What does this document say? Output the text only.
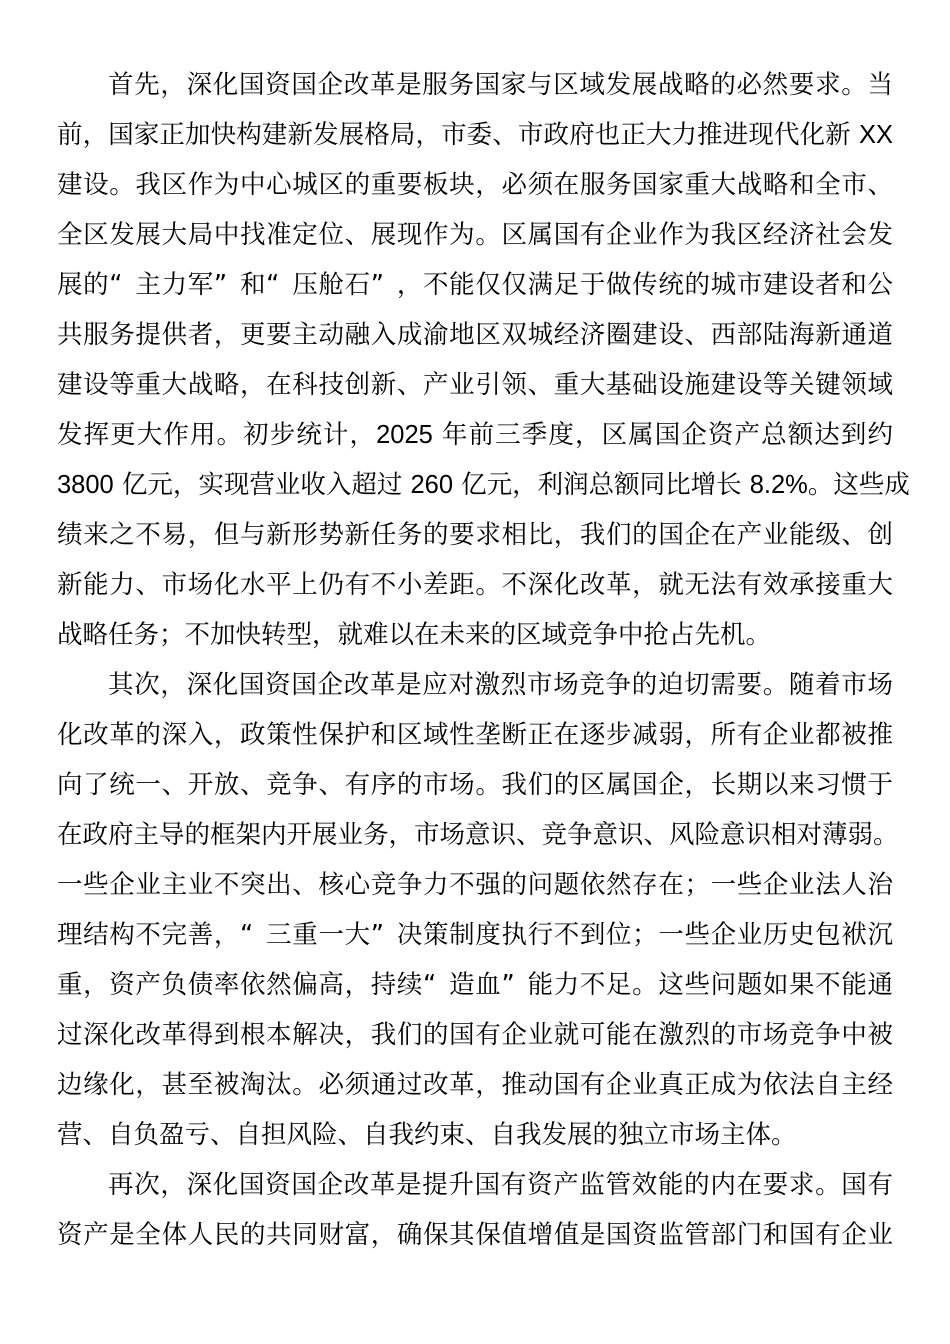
首先，深化国资国企改革是服务国家与区域发展战略的必然要求。当
前，国家正加快构建新发展格局，市委、市政府也正大力推进现代化新 XX
建设。我区作为中心城区的重要板块，必须在服务国家重大战略和全市、
全区发展大局中找准定位、展现作为。区属国有企业作为我区经济社会发
展的“ 主力军” 和“ 压舱石” ，不能仅仅满足于做传统的城市建设者和公
共服务提供者，更要主动融入成渝地区双城经济圈建设、西部陆海新通道
建设等重大战略，在科技创新、产业引领、重大基础设施建设等关键领域
发挥更大作用。初步统计，2025 年前三季度，区属国企资产总额达到约
3800 亿元，实现营业收入超过 260 亿元，利润总额同比增长 8.2%。这些成
绩来之不易，但与新形势新任务的要求相比，我们的国企在产业能级、创
新能力、市场化水平上仍有不小差距。不深化改革，就无法有效承接重大
战略任务；不加快转型，就难以在未来的区域竞争中抢占先机。
其次，深化国资国企改革是应对激烈市场竞争的迫切需要。随着市场
化改革的深入，政策性保护和区域性垄断正在逐步减弱，所有企业都被推
向了统一、开放、竞争、有序的市场。我们的区属国企，长期以来习惯于
在政府主导的框架内开展业务，市场意识、竞争意识、风险意识相对薄弱。
一些企业主业不突出、核心竞争力不强的问题依然存在；一些企业法人治
理结构不完善，“ 三重一大” 决策制度执行不到位；一些企业历史包袱沉
重，资产负债率依然偏高，持续“ 造血” 能力不足。这些问题如果不能通
过深化改革得到根本解决，我们的国有企业就可能在激烈的市场竞争中被
边缘化，甚至被淘汰。必须通过改革，推动国有企业真正成为依法自主经
营、自负盈亏、自担风险、自我约束、自我发展的独立市场主体。
再次，深化国资国企改革是提升国有资产监管效能的内在要求。国有
资产是全体人民的共同财富，确保其保值增值是国资监管部门和国有企业
